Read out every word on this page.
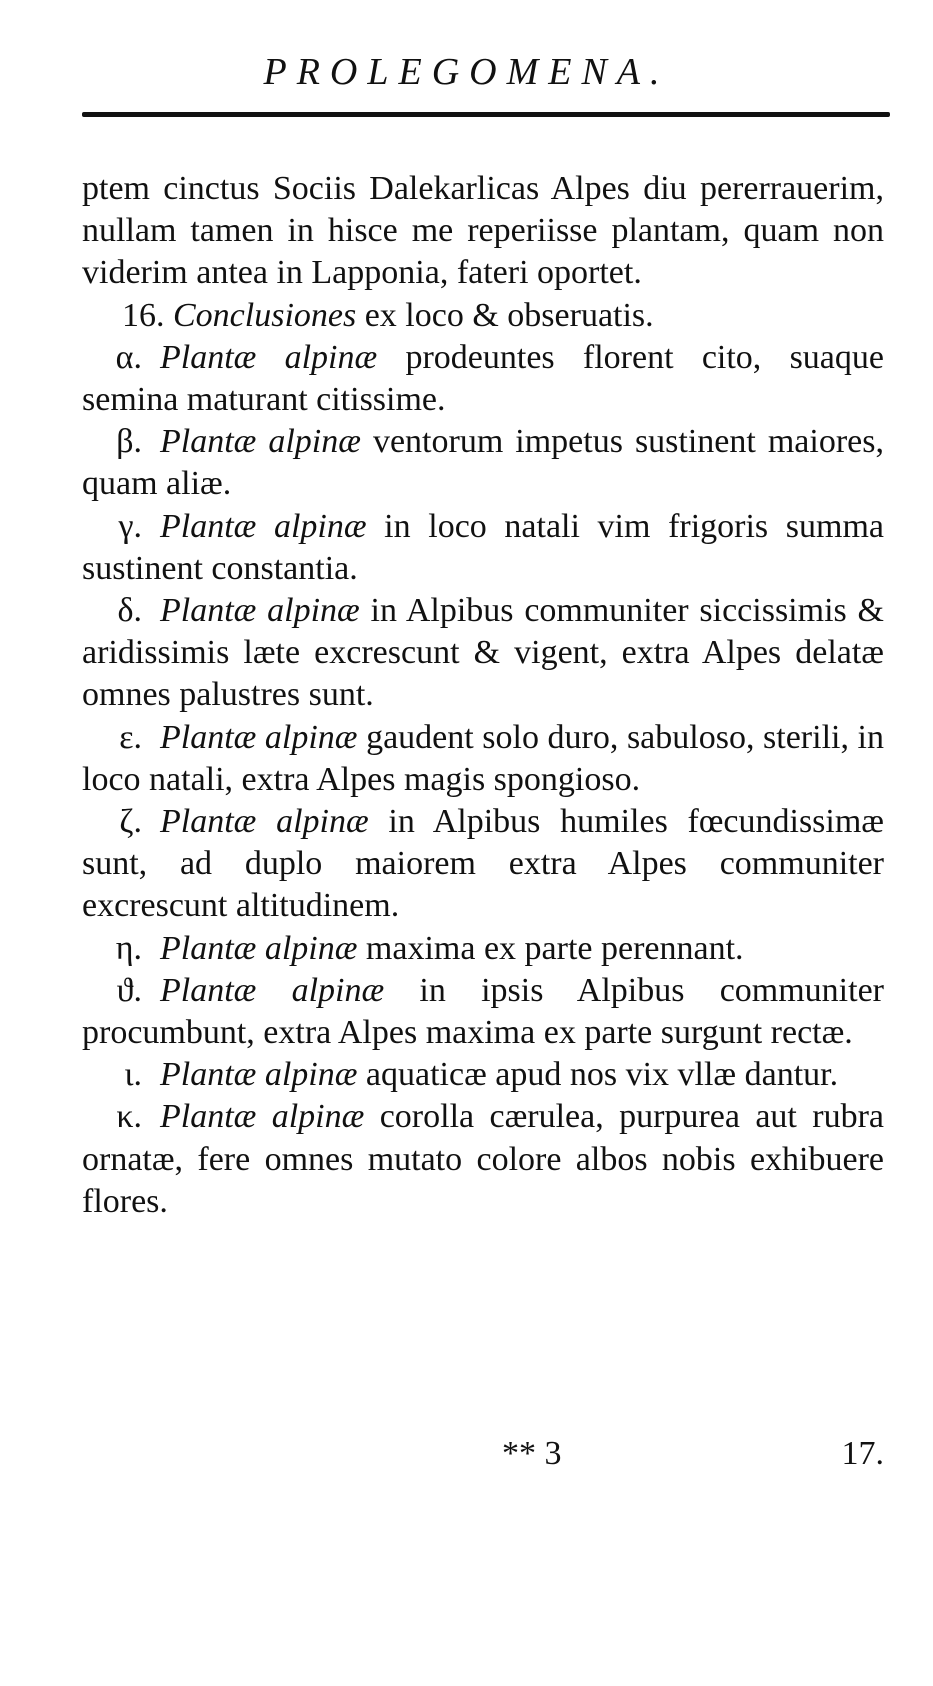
PROLEGOMENA.

ptem cinctus Sociis Dalekarlicas Alpes diu pererrauerim, nullam tamen in hisce me reperiisse plantam, quam non viderim antea in Lapponia, fateri oportet.

16. Conclusiones ex loco & obseruatis.

α. Plantæ alpinæ prodeuntes florent cito, suaque semina maturant citissime.

β. Plantæ alpinæ ventorum impetus sustinent maiores, quam aliæ.

γ. Plantæ alpinæ in loco natali vim frigoris summa sustinent constantia.

δ. Plantæ alpinæ in Alpibus communiter siccissimis & aridissimis læte excrescunt & vigent, extra Alpes delatæ omnes palustres sunt.

ε. Plantæ alpinæ gaudent solo duro, sabuloso, sterili, in loco natali, extra Alpes magis spongioso.

ζ. Plantæ alpinæ in Alpibus humiles fœcundissimæ sunt, ad duplo maiorem extra Alpes communiter excrescunt altitudinem.

η. Plantæ alpinæ maxima ex parte perennant.

ϑ. Plantæ alpinæ in ipsis Alpibus communiter procumbunt, extra Alpes maxima ex parte surgunt rectæ.

ι. Plantæ alpinæ aquaticæ apud nos vix vllæ dantur.

κ. Plantæ alpinæ corolla cærulea, purpurea aut rubra ornatæ, fere omnes mutato colore albos nobis exhibuere flores.

** 3	17.
